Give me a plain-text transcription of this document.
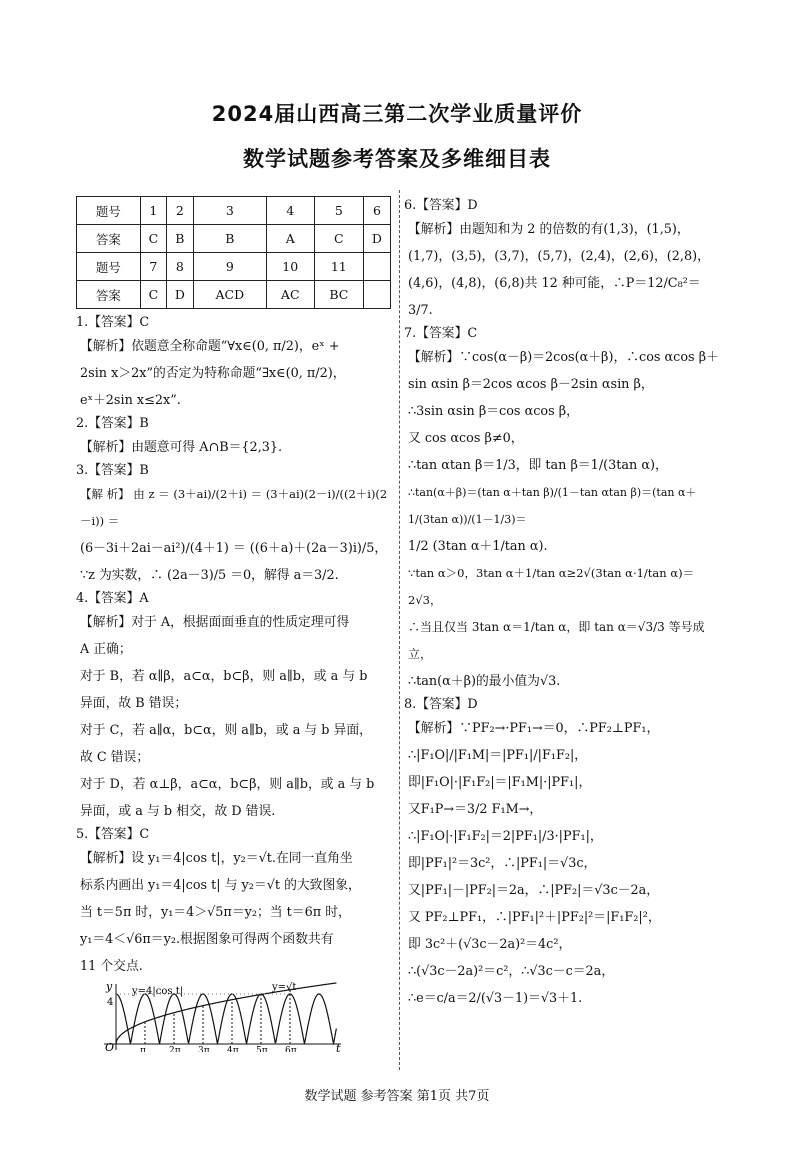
2024届山西高三第二次学业质量评价
数学试题参考答案及多维细目表
题号	1	2	3	4	5	6
答案	C	B	B	A	C	D
题号	7	8	9	10	11	
答案	C	D	ACD	AC	BC	

1.【答案】C

【解析】依题意全称命题“∀x∈(0, π/2)，eˣ +

2sin x＞2x”的否定为特称命题“∃x∈(0, π/2)，

eˣ＋2sin x≤2x”.

2.【答案】B

【解析】由题意可得 A∩B＝{2,3}.

3.【答案】B

【解 析】 由 z ＝ (3＋ai)/(2＋i) ＝ (3＋ai)(2－i)/((2＋i)(2－i)) ＝

(6－3i＋2ai－ai²)/(4＋1) ＝ ((6＋a)＋(2a－3)i)/5，

∵z 为实数，∴ (2a－3)/5 ＝0，解得 a＝3/2.

4.【答案】A

【解析】对于 A，根据面面垂直的性质定理可得

A 正确；

对于 B，若 α∥β，a⊂α，b⊂β，则 a∥b，或 a 与 b

异面，故 B 错误；

对于 C，若 a∥α，b⊂α，则 a∥b，或 a 与 b 异面，

故 C 错误；

对于 D，若 α⊥β，a⊂α，b⊂β，则 a∥b，或 a 与 b

异面，或 a 与 b 相交，故 D 错误.

5.【答案】C

【解析】设 y₁＝4|cos t|，y₂＝√t.在同一直角坐

标系内画出 y₁＝4|cos t| 与 y₂＝√t 的大致图象，

当 t＝5π 时，y₁＝4＞√5π＝y₂；当 t＝6π 时，

y₁＝4＜√6π＝y₂.根据图象可得两个函数共有

11 个交点.

π	2π 3π 4π 5π 6π
y
t
O
4
y=4|cos t|	y=√t

6.【答案】D

【解析】由题知和为 2 的倍数的有(1,3)，(1,5)，

(1,7)，(3,5)，(3,7)，(5,7)，(2,4)，(2,6)，(2,8)，

(4,6)，(4,8)，(6,8)共 12 种可能，∴P＝12/C₈²＝3/7.

7.【答案】C

【解析】∵cos(α－β)＝2cos(α＋β)，∴cos αcos β＋

sin αsin β＝2cos αcos β－2sin αsin β，

∴3sin αsin β＝cos αcos β，

又 cos αcos β≠0，

∴tan αtan β＝1/3，即 tan β＝1/(3tan α)，

∴tan(α＋β)＝(tan α＋tan β)/(1－tan αtan β)＝(tan α＋1/(3tan α))/(1－1/3)＝

1/2 (3tan α＋1/tan α).

∵tan α＞0，3tan α＋1/tan α≥2√(3tan α·1/tan α)＝2√3，

∴当且仅当 3tan α＝1/tan α，即 tan α＝√3/3 等号成立，

∴tan(α＋β)的最小值为√3.

8.【答案】D

【解析】∵PF₂→·PF₁→＝0，∴PF₂⊥PF₁，

∴|F₁O|/|F₁M|＝|PF₁|/|F₁F₂|，

即|F₁O|·|F₁F₂|＝|F₁M|·|PF₁|，

又F₁P→＝3/2 F₁M→，

∴|F₁O|·|F₁F₂|＝2|PF₁|/3·|PF₁|，

即|PF₁|²＝3c²，∴|PF₁|＝√3c，

又|PF₁|－|PF₂|＝2a，∴|PF₂|＝√3c－2a，

又 PF₂⊥PF₁，∴|PF₁|²＋|PF₂|²＝|F₁F₂|²，

即 3c²＋(√3c－2a)²＝4c²，

∴(√3c－2a)²＝c²，∴√3c－c＝2a，

∴e＝c/a＝2/(√3－1)＝√3＋1.

数学试题 参考答案 第1页 共7页
